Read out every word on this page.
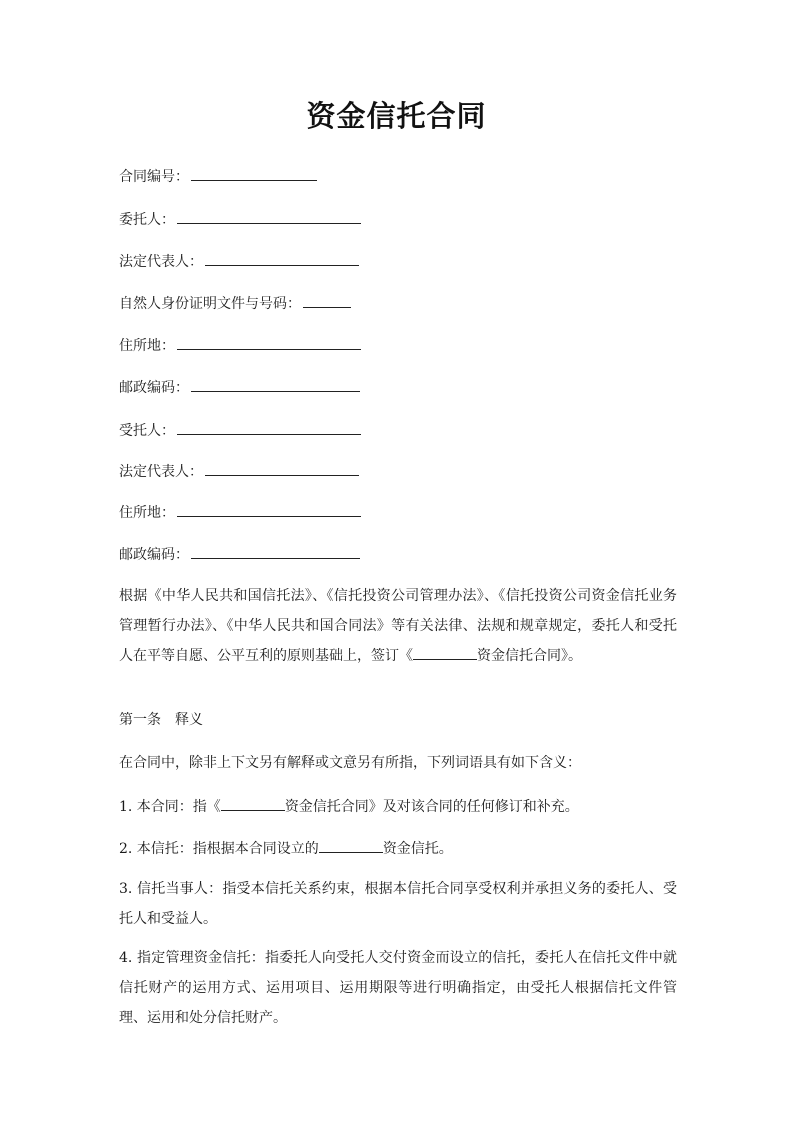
资金信托合同
合同编号：
委托人：
法定代表人：
自然人身份证明文件与号码：
住所地：
邮政编码：
受托人：
法定代表人：
住所地：
邮政编码：
根据《中华人民共和国信托法》、《信托投资公司管理办法》、《信托投资公司资金信托业务管理暂行办法》、《中华人民共和国合同法》等有关法律、法规和规章规定，委托人和受托人在平等自愿、公平互利的原则基础上，签订《	资金信托合同》。
第一条　释义
在合同中，除非上下文另有解释或文意另有所指，下列词语具有如下含义：
1. 本合同：指《	资金信托合同》及对该合同的任何修订和补充。
2. 本信托：指根据本合同设立的	资金信托。
3. 信托当事人：指受本信托关系约束，根据本信托合同享受权利并承担义务的委托人、受托人和受益人。
4. 指定管理资金信托：指委托人向受托人交付资金而设立的信托，委托人在信托文件中就信托财产的运用方式、运用项目、运用期限等进行明确指定，由受托人根据信托文件管理、运用和处分信托财产。
